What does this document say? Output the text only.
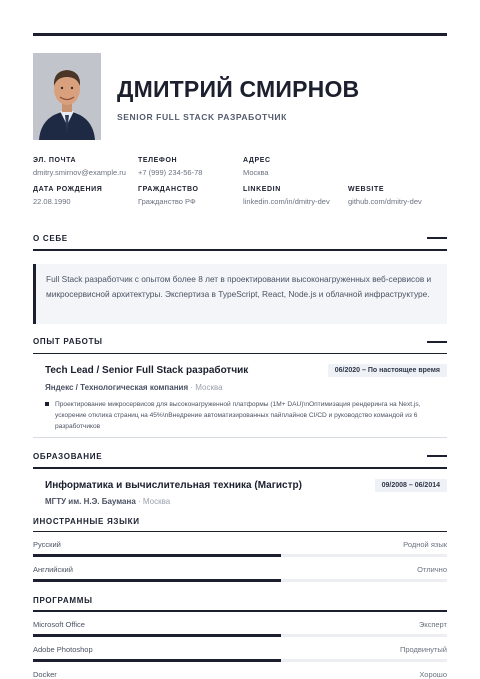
ДМИТРИЙ СМИРНОВ
SENIOR FULL STACK РАЗРАБОТЧИК
ЭЛ. ПОЧТА
dmitry.smirnov@example.ru
ТЕЛЕФОН
+7 (999) 234-56-78
АДРЕС
Москва
ДАТА РОЖДЕНИЯ
22.08.1990
ГРАЖДАНСТВО
Гражданство РФ
LINKEDIN
linkedin.com/in/dmitry-dev
WEBSITE
github.com/dmitry-dev
О СЕБЕ
Full Stack разработчик с опытом более 8 лет в проектировании высоконагруженных веб-сервисов и микросервисной архитектуры. Экспертиза в TypeScript, React, Node.js и облачной инфраструктуре.
ОПЫТ РАБОТЫ
Tech Lead / Senior Full Stack разработчик	06/2020 – По настоящее время
Яндекс / Технологическая компания · Москва
Проектирование микросервисов для высоконагруженной платформы (1M+ DAU)\nОптимизация рендеринга на Next.js, ускорение отклика страниц на 45%\nВнедрение автоматизированных пайплайнов CI/CD и руководство командой из 6 разработчиков
ОБРАЗОВАНИЕ
Информатика и вычислительная техника (Магистр)	09/2008 – 06/2014
МГТУ им. Н.Э. Баумана · Москва
ИНОСТРАННЫЕ ЯЗЫКИ
Русский	Родной язык
Английский	Отлично
ПРОГРАММЫ
Microsoft Office	Эксперт
Adobe Photoshop	Продвинутый
Docker	Хорошо
